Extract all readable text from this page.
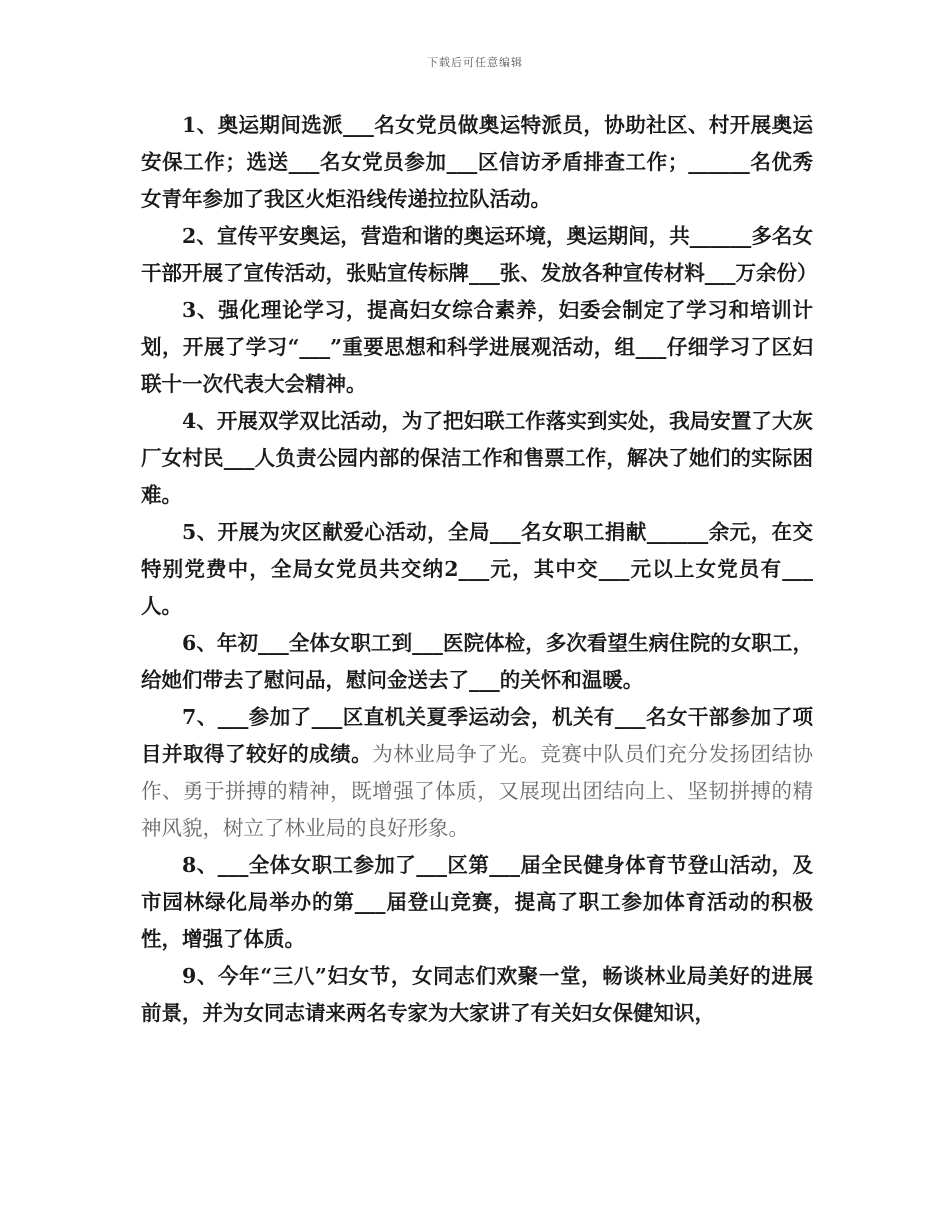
下载后可任意编辑

1、奥运期间选派___名女党员做奥运特派员，协助社区、村开展奥运安保工作；选送___名女党员参加___区信访矛盾排查工作；______名优秀女青年参加了我区火炬沿线传递拉拉队活动。

2、宣传平安奥运，营造和谐的奥运环境，奥运期间，共______多名女干部开展了宣传活动，张贴宣传标牌___张、发放各种宣传材料___万余份）

3、强化理论学习，提高妇女综合素养，妇委会制定了学习和培训计划，开展了学习“___”重要思想和科学进展观活动，组___仔细学习了区妇联十一次代表大会精神。

4、开展双学双比活动，为了把妇联工作落实到实处，我局安置了大灰厂女村民___人负责公园内部的保洁工作和售票工作，解决了她们的实际困难。

5、开展为灾区献爱心活动，全局___名女职工捐献______余元，在交特别党费中，全局女党员共交纳2___元，其中交___元以上女党员有___人。

6、年初___全体女职工到___医院体检，多次看望生病住院的女职工，给她们带去了慰问品，慰问金送去了___的关怀和温暖。

7、___参加了___区直机关夏季运动会，机关有___名女干部参加了项目并取得了较好的成绩。为林业局争了光。竞赛中队员们充分发扬团结协作、勇于拼搏的精神，既增强了体质，又展现出团结向上、坚韧拼搏的精神风貌，树立了林业局的良好形象。

8、___全体女职工参加了___区第___届全民健身体育节登山活动，及市园林绿化局举办的第___届登山竞赛，提高了职工参加体育活动的积极性，增强了体质。

9、今年“三八”妇女节，女同志们欢聚一堂，畅谈林业局美好的进展前景，并为女同志请来两名专家为大家讲了有关妇女保健知识，
